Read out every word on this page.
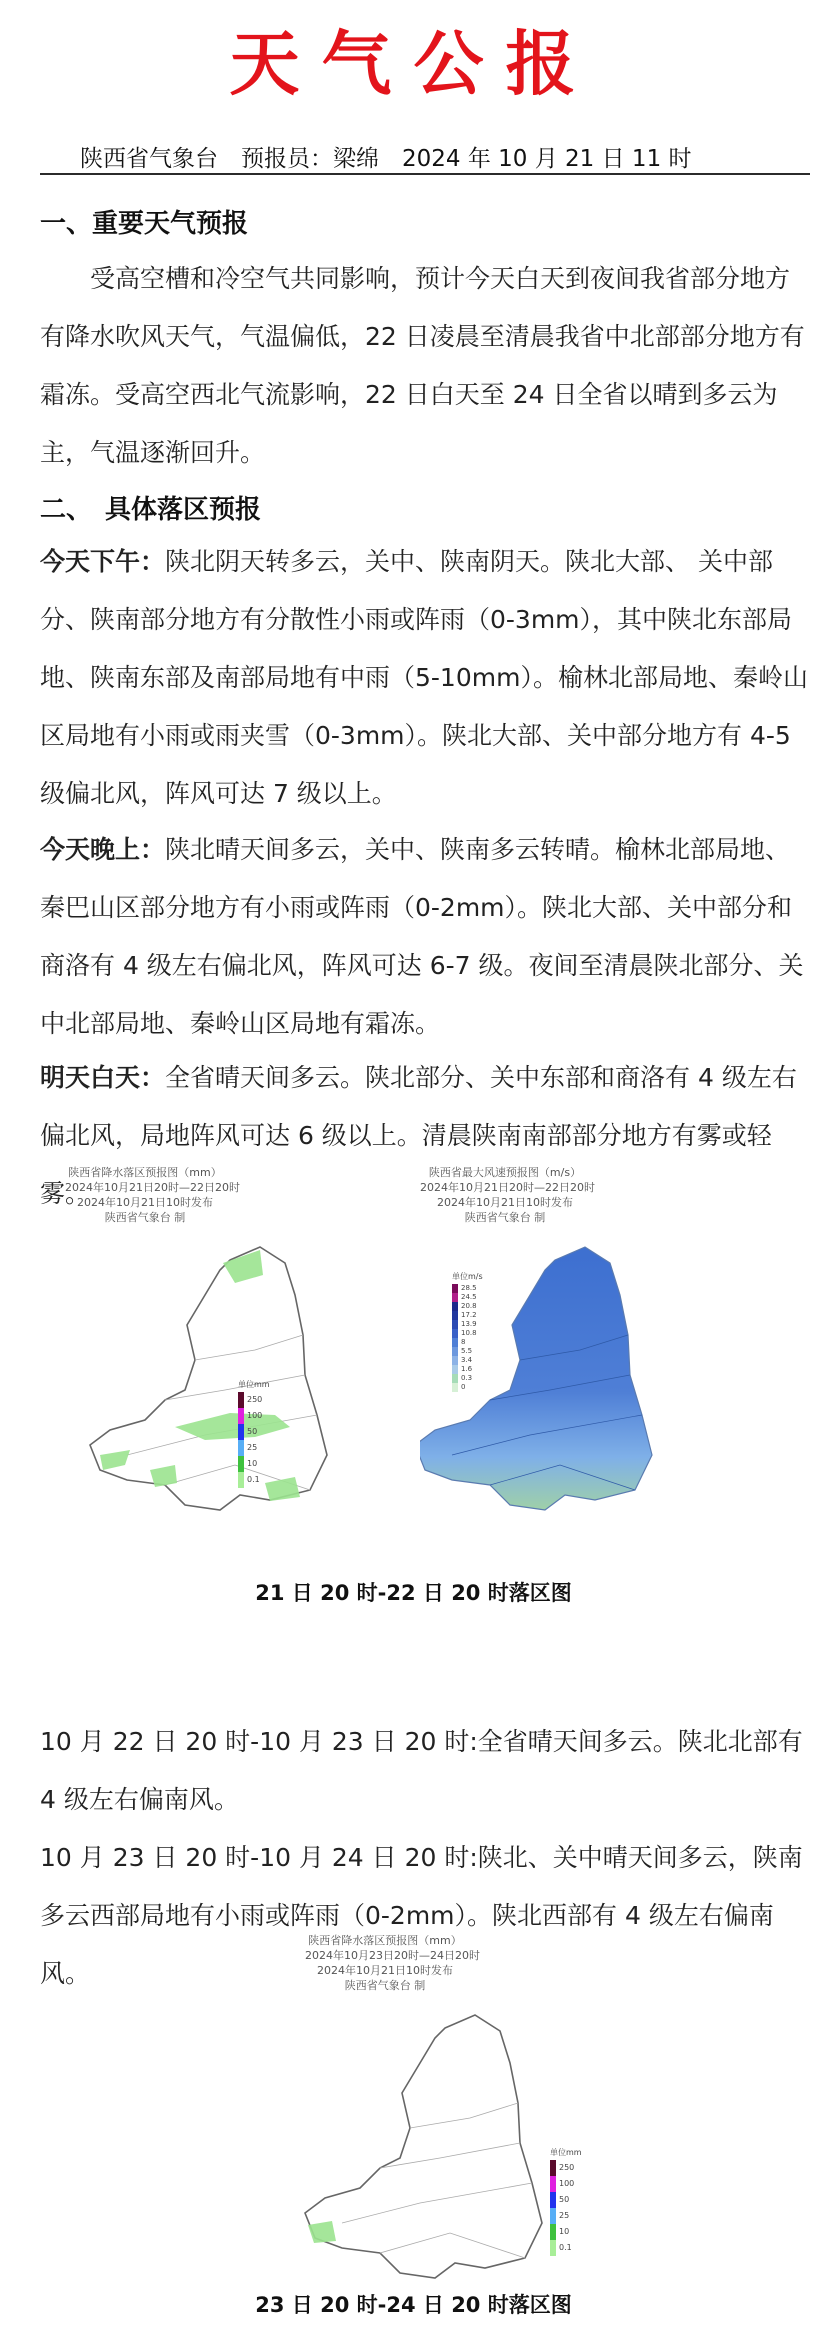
天气公报
陕西省气象台　预报员：梁绵　2024 年 10 月 21 日 11 时
一、重要天气预报
受高空槽和冷空气共同影响，预计今天白天到夜间我省部分地方有降水吹风天气，气温偏低，22 日凌晨至清晨我省中北部部分地方有霜冻。受高空西北气流影响，22 日白天至 24 日全省以晴到多云为主，气温逐渐回升。
二、　具体落区预报
今天下午：陕北阴天转多云，关中、陕南阴天。陕北大部、 关中部分、陕南部分地方有分散性小雨或阵雨（0-3mm），其中陕北东部局地、陕南东部及南部局地有中雨（5-10mm）。榆林北部局地、秦岭山区局地有小雨或雨夹雪（0-3mm）。陕北大部、关中部分地方有 4-5 级偏北风，阵风可达 7 级以上。
今天晚上：陕北晴天间多云，关中、陕南多云转晴。榆林北部局地、秦巴山区部分地方有小雨或阵雨（0-2mm）。陕北大部、关中部分和商洛有 4 级左右偏北风，阵风可达 6-7 级。夜间至清晨陕北部分、关中北部局地、秦岭山区局地有霜冻。
明天白天：全省晴天间多云。陕北部分、关中东部和商洛有 4 级左右偏北风，局地阵风可达 6 级以上。清晨陕南南部部分地方有雾或轻雾。
陕西省降水落区预报图（mm）
2024年10月21日20时—22日20时
2024年10月21日10时发布
陕西省气象台 制
单位mm
250
100
50
25
10
0.1
陕西省最大风速预报图（m/s）
2024年10月21日20时—22日20时
2024年10月21日10时发布
陕西省气象台 制
单位m/s
28.5
24.5
20.8
17.2
13.9
10.8
8
5.5
3.4
1.6
0.3
0
21 日 20 时-22 日 20 时落区图
10 月 22 日 20 时-10 月 23 日 20 时:全省晴天间多云。陕北北部有 4 级左右偏南风。
10 月 23 日 20 时-10 月 24 日 20 时:陕北、关中晴天间多云，陕南多云西部局地有小雨或阵雨（0-2mm）。陕北西部有 4 级左右偏南风。
陕西省降水落区预报图（mm）
2024年10月23日20时—24日20时
2024年10月21日10时发布
陕西省气象台 制
单位mm
250
100
50
25
10
0.1
23 日 20 时-24 日 20 时落区图
